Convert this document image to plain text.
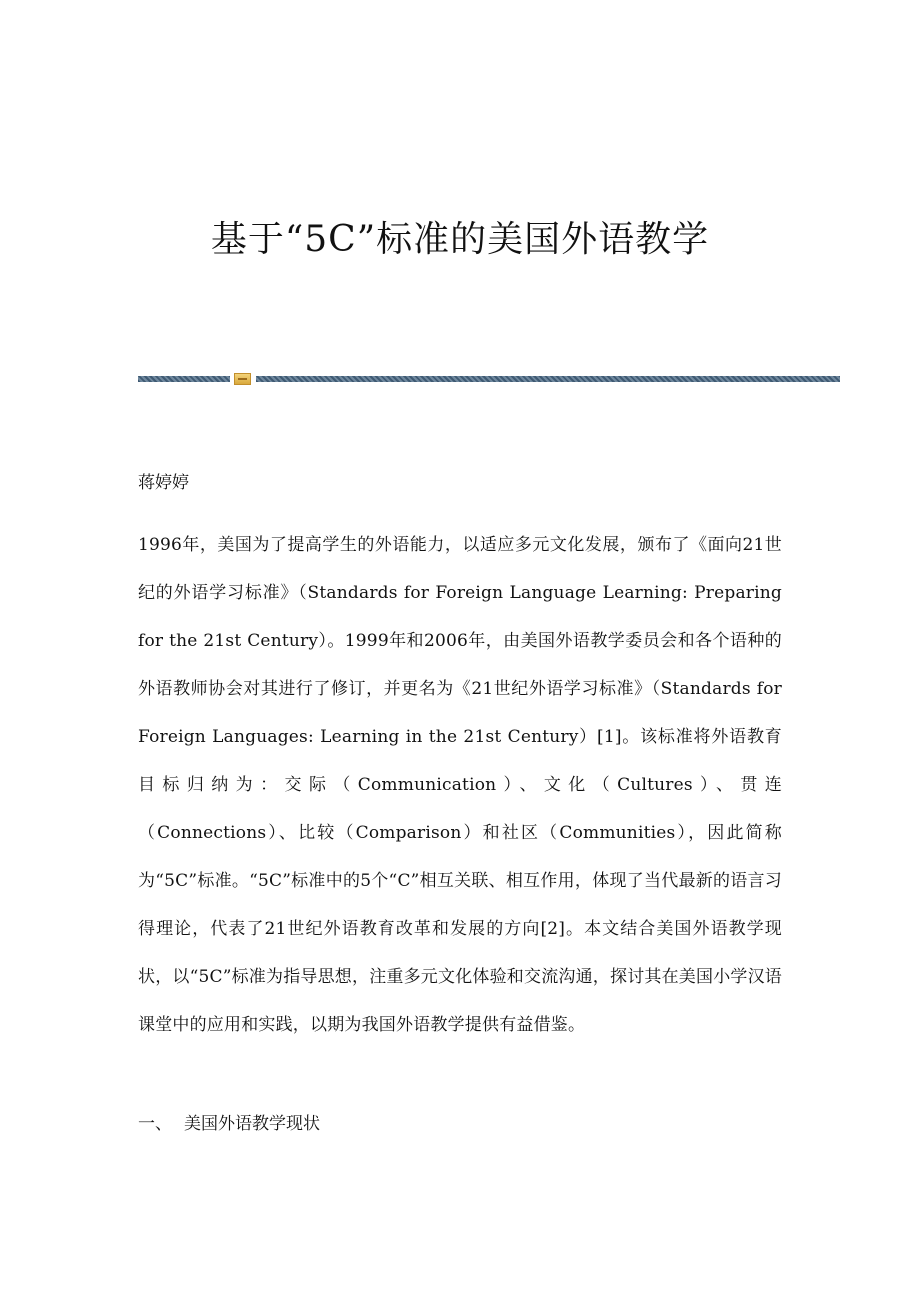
基于“5C”标准的美国外语教学

蒋婷婷

1996年，美国为了提高学生的外语能力，以适应多元文化发展，颁布了《面向21世纪的外语学习标准》（Standards for Foreign Language Learning: Preparing for the 21st Century）。1999年和2006年，由美国外语教学委员会和各个语种的外语教师协会对其进行了修订，并更名为《21世纪外语学习标准》（Standards for Foreign Languages: Learning in the 21st Century）[1]。该标准将外语教育目标归纳为：交际（Communication）、文化（Cultures）、贯连（Connections）、比较（Comparison）和社区（Communities），因此简称为“5C”标准。“5C”标准中的5个“C”相互关联、相互作用，体现了当代最新的语言习得理论，代表了21世纪外语教育改革和发展的方向[2]。本文结合美国外语教学现状，以“5C”标准为指导思想，注重多元文化体验和交流沟通，探讨其在美国小学汉语课堂中的应用和实践，以期为我国外语教学提供有益借鉴。

一、 美国外语教学现状
